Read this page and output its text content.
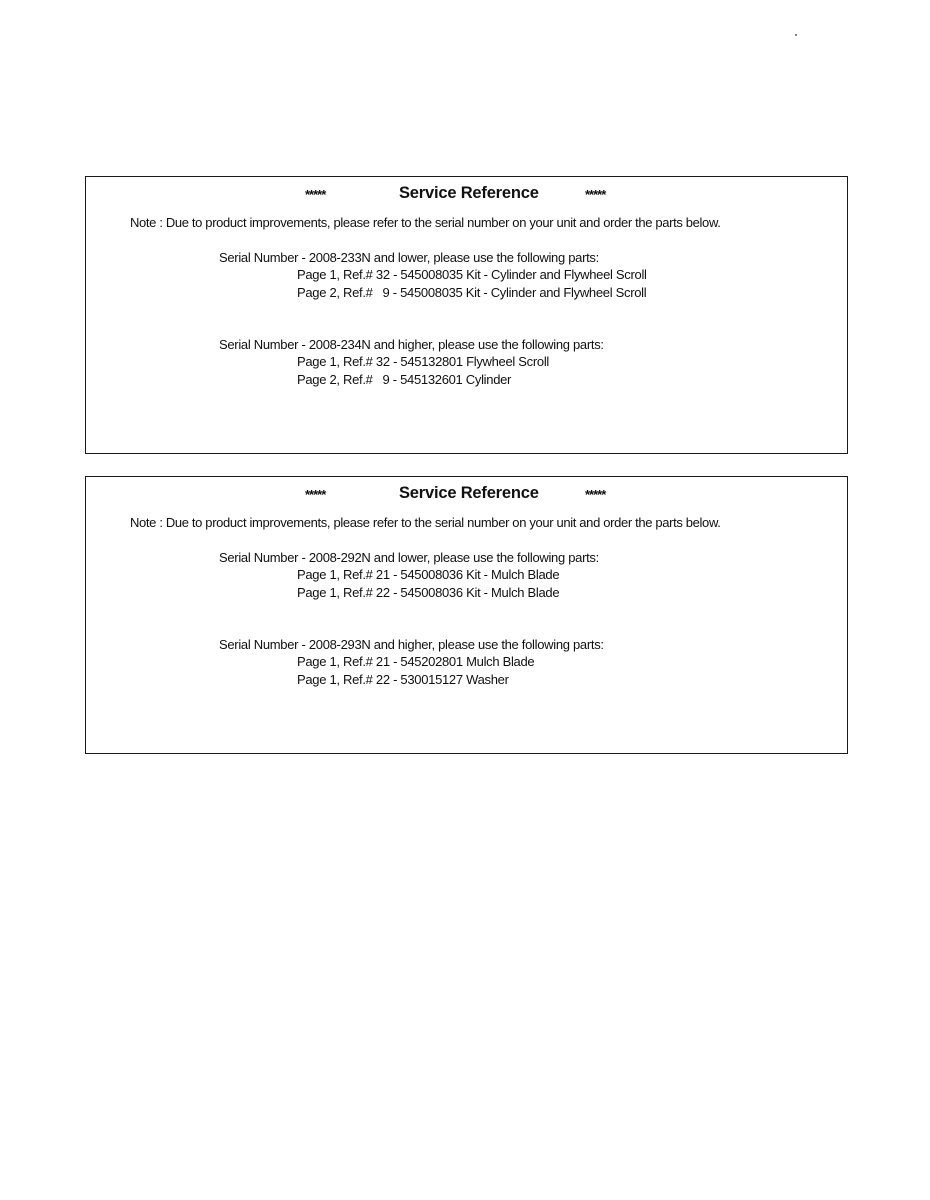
*****	Service Reference	*****
Note : Due to product improvements, please refer to the serial number on your unit and order the parts below.
Serial Number - 2008-233N and lower, please use the following parts:
Page 1, Ref.# 32 - 545008035 Kit - Cylinder and Flywheel Scroll
Page 2, Ref.#   9 - 545008035 Kit - Cylinder and Flywheel Scroll
Serial Number - 2008-234N and higher, please use the following parts:
Page 1, Ref.# 32 - 545132801 Flywheel Scroll
Page 2, Ref.#   9 - 545132601 Cylinder
*****	Service Reference	*****
Note : Due to product improvements, please refer to the serial number on your unit and order the parts below.
Serial Number - 2008-292N and lower, please use the following parts:
Page 1, Ref.# 21 - 545008036 Kit - Mulch Blade
Page 1, Ref.# 22 - 545008036 Kit - Mulch Blade
Serial Number - 2008-293N and higher, please use the following parts:
Page 1, Ref.# 21 - 545202801 Mulch Blade
Page 1, Ref.# 22 - 530015127 Washer
